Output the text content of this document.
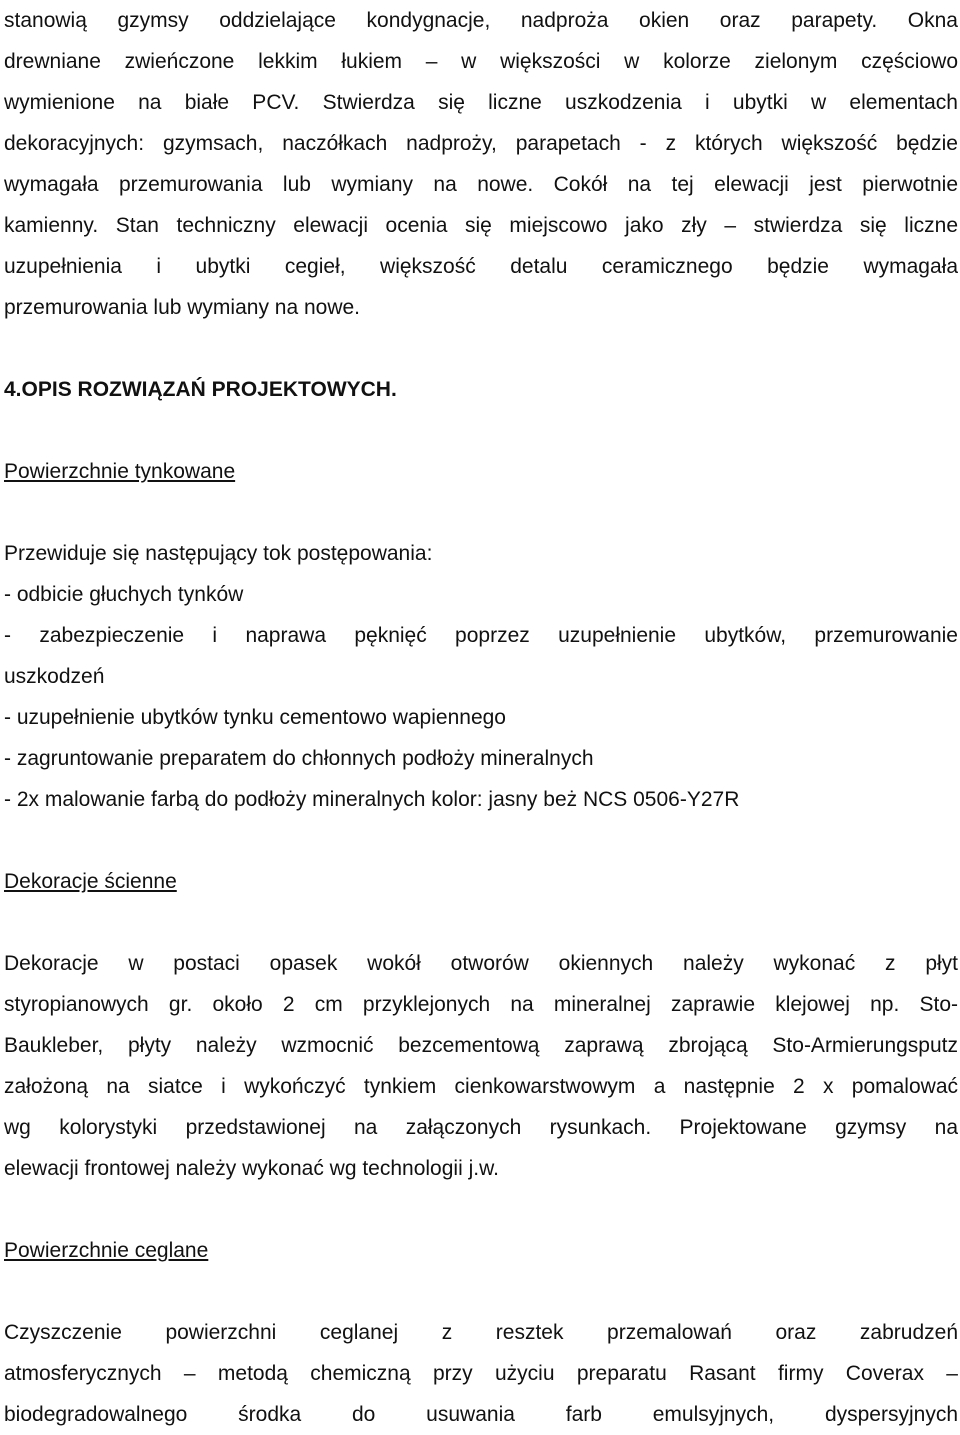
stanowią gzymsy oddzielające kondygnacje, nadproża okien oraz parapety. Okna
drewniane zwieńczone lekkim łukiem – w większości w kolorze zielonym częściowo
wymienione na białe PCV. Stwierdza się liczne uszkodzenia i ubytki w elementach
dekoracyjnych: gzymsach, naczółkach nadproży, parapetach - z których większość będzie
wymagała przemurowania lub wymiany na nowe. Cokół na tej elewacji jest pierwotnie
kamienny. Stan techniczny elewacji ocenia się miejscowo jako zły – stwierdza się liczne
uzupełnienia i ubytki cegieł, większość detalu ceramicznego będzie wymagała
przemurowania lub wymiany na nowe.
4.OPIS ROZWIĄZAŃ PROJEKTOWYCH.
Powierzchnie tynkowane
Przewiduje się następujący tok postępowania:
- odbicie głuchych tynków
- zabezpieczenie i naprawa pęknięć poprzez uzupełnienie ubytków, przemurowanie
uszkodzeń
- uzupełnienie ubytków tynku cementowo wapiennego
- zagruntowanie preparatem do chłonnych podłoży mineralnych
- 2x malowanie farbą do podłoży mineralnych kolor: jasny beż NCS 0506-Y27R
Dekoracje ścienne
Dekoracje w postaci opasek wokół otworów okiennych należy wykonać z płyt
styropianowych gr. około 2 cm przyklejonych na mineralnej zaprawie klejowej np. Sto-
Baukleber, płyty należy wzmocnić bezcementową zaprawą zbrojącą Sto-Armierungsputz
założoną na siatce i wykończyć tynkiem cienkowarstwowym a następnie 2 x pomalować
wg kolorystyki przedstawionej na załączonych rysunkach. Projektowane gzymsy na
elewacji frontowej należy wykonać wg technologii j.w.
Powierzchnie ceglane
Czyszczenie powierzchni ceglanej z resztek przemalowań oraz zabrudzeń
atmosferycznych – metodą chemiczną przy użyciu preparatu Rasant firmy Coverax –
biodegradowalnego środka do usuwania farb emulsyjnych, dyspersyjnych
